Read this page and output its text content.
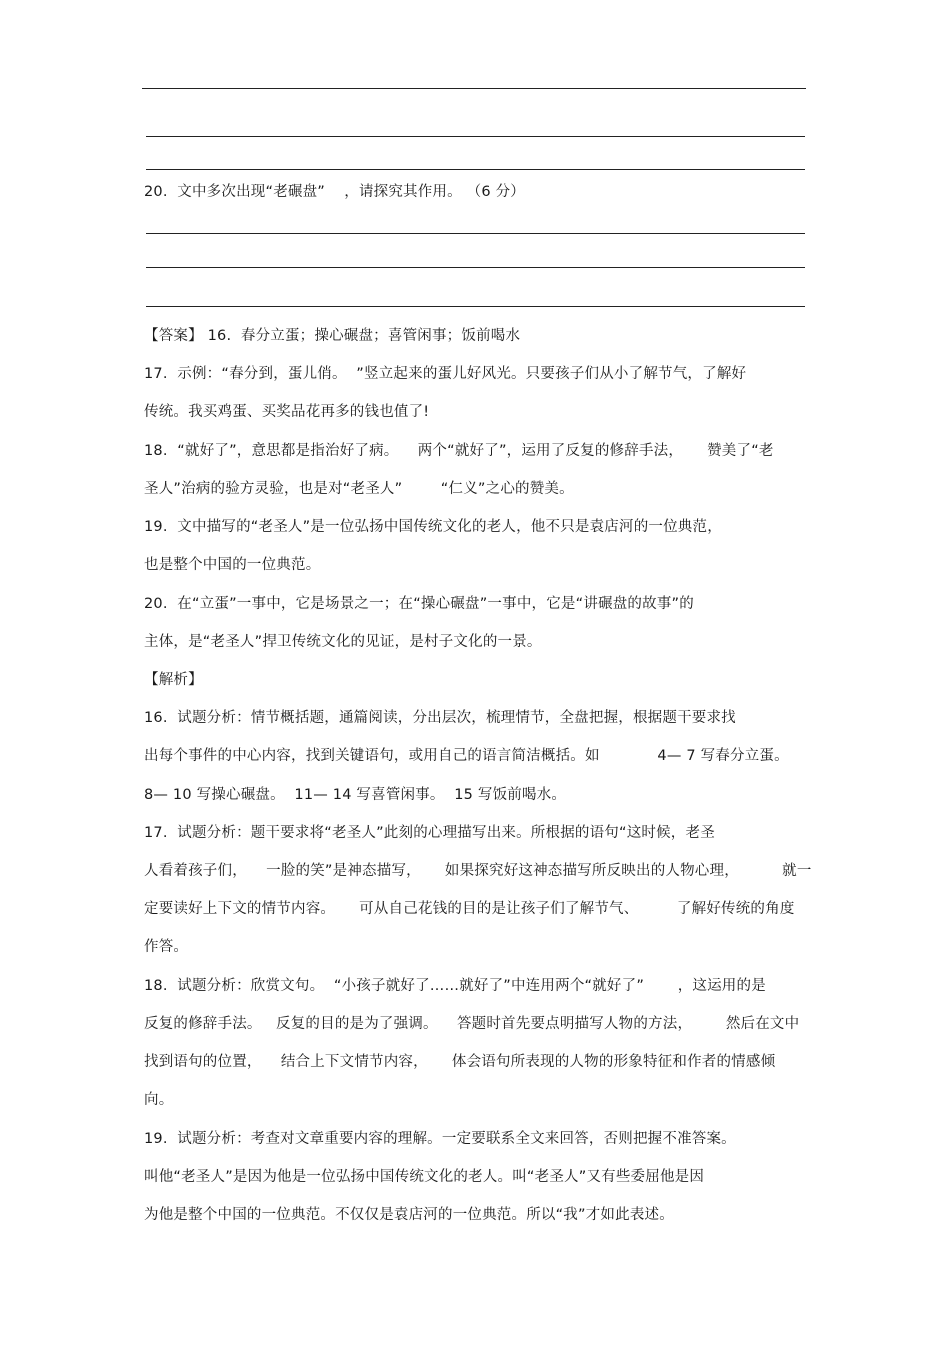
20.  文中多次出现“老碾盘”    ，请探究其作用。 （6 分）
【答案】 16.  春分立蛋；操心碾盘；喜管闲事；饭前喝水
17.  示例：“春分到，蛋儿俏。  ”竖立起来的蛋儿好风光。只要孩子们从小了解节气，了解好
传统。我买鸡蛋、买奖品花再多的钱也值了!
18.  “就好了”，意思都是指治好了病。    两个“就好了”，运用了反复的修辞手法，     赞美了“老
圣人”治病的验方灵验，也是对“老圣人”        “仁义”之心的赞美。
19.  文中描写的“老圣人”是一位弘扬中国传统文化的老人，他不只是袁店河的一位典范，
也是整个中国的一位典范。
20.  在“立蛋”一事中，它是场景之一；在“操心碾盘”一事中，它是“讲碾盘的故事”的
主体，是“老圣人”捍卫传统文化的见证，是村子文化的一景。
【解析】
16.  试题分析：情节概括题，通篇阅读，分出层次，梳理情节，全盘把握，根据题干要求找
出每个事件的中心内容，找到关键语句，或用自己的语言简洁概括。如            4— 7 写春分立蛋。
8— 10 写操心碾盘。  11— 14 写喜管闲事。  15 写饭前喝水。
17.  试题分析：题干要求将“老圣人”此刻的心理描写出来。所根据的语句“这时候，老圣
人看着孩子们，    一脸的笑”是神态描写，     如果探究好这神态描写所反映出的人物心理，         就一
定要读好上下文的情节内容。     可从自己花钱的目的是让孩子们了解节气、        了解好传统的角度
作答。
18.  试题分析：欣赏文句。  “小孩子就好了……就好了”中连用两个“就好了”       ，这运用的是
反复的修辞手法。   反复的目的是为了强调。    答题时首先要点明描写人物的方法，       然后在文中
找到语句的位置，    结合上下文情节内容，     体会语句所表现的人物的形象特征和作者的情感倾
向。
19.  试题分析：考查对文章重要内容的理解。一定要联系全文来回答，否则把握不准答案。
叫他“老圣人”是因为他是一位弘扬中国传统文化的老人。叫“老圣人”又有些委屈他是因
为他是整个中国的一位典范。不仅仅是袁店河的一位典范。所以“我”才如此表述。
